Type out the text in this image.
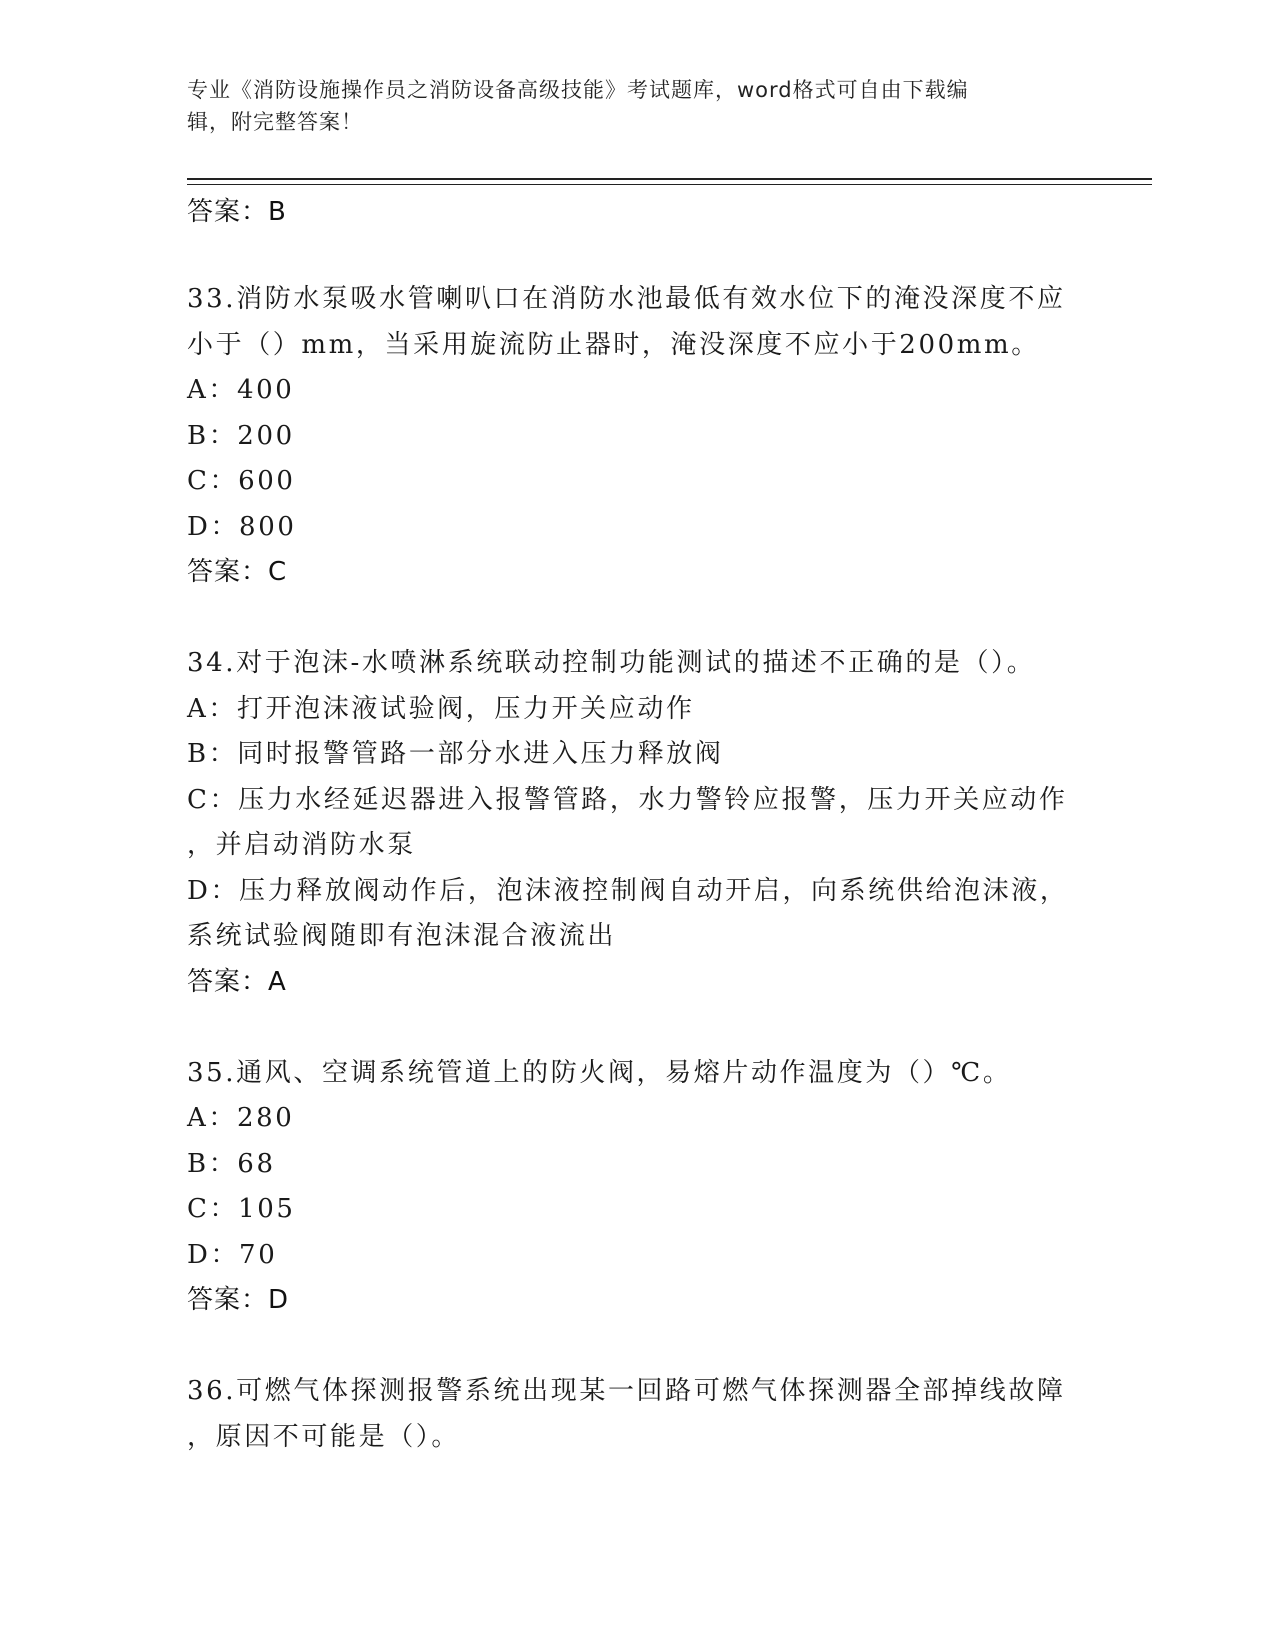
专业《消防设施操作员之消防设备高级技能》考试题库，word格式可自由下载编
辑，附完整答案！
答案：B
33.消防水泵吸水管喇叭口在消防水池最低有效水位下的淹没深度不应
小于（）mm，当采用旋流防止器时，淹没深度不应小于200mm。
A：400
B：200
C：600
D：800
答案：C
34.对于泡沫-水喷淋系统联动控制功能测试的描述不正确的是（）。
A：打开泡沫液试验阀，压力开关应动作
B：同时报警管路一部分水进入压力释放阀
C：压力水经延迟器进入报警管路，水力警铃应报警，压力开关应动作
，并启动消防水泵
D：压力释放阀动作后，泡沫液控制阀自动开启，向系统供给泡沫液，
系统试验阀随即有泡沫混合液流出
答案：A
35.通风、空调系统管道上的防火阀，易熔片动作温度为（）℃。
A：280
B：68
C：105
D：70
答案：D
36.可燃气体探测报警系统出现某一回路可燃气体探测器全部掉线故障
，原因不可能是（）。
